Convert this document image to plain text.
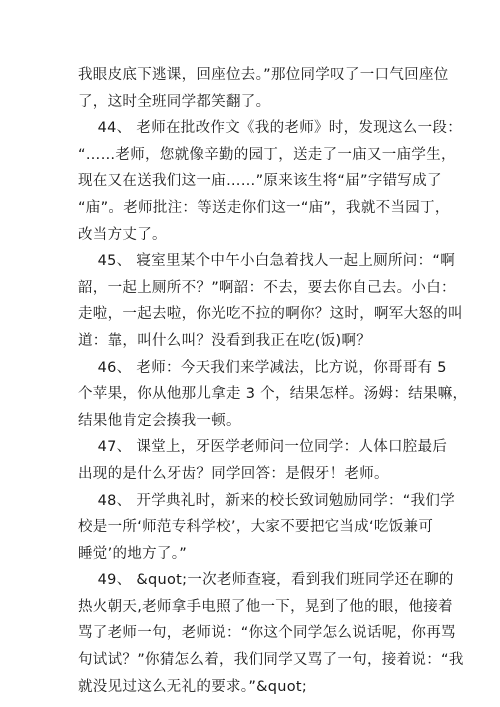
我眼皮底下逃课，回座位去。”那位同学叹了一口气回座位
了，这时全班同学都笑翻了。
44、 老师在批改作文《我的老师》时，发现这么一段：
“……老师，您就像辛勤的园丁，送走了一庙又一庙学生，
现在又在送我们这一庙……”原来该生将“届”字错写成了
“庙”。老师批注：等送走你们这一“庙”，我就不当园丁，
改当方丈了。
45、 寝室里某个中午小白急着找人一起上厕所问：“啊
韶，一起上厕所不？”啊韶：不去，要去你自己去。小白：
走啦，一起去啦，你光吃不拉的啊你？这时，啊军大怒的叫
道：靠，叫什么叫？没看到我正在吃(饭)啊？
46、 老师：今天我们来学减法，比方说，你哥哥有 5
个苹果，你从他那儿拿走 3 个，结果怎样。汤姆：结果嘛，
结果他肯定会揍我一顿。
47、 课堂上，牙医学老师问一位同学：人体口腔最后
出现的是什么牙齿？同学回答：是假牙！老师。
48、 开学典礼时，新来的校长致词勉励同学：“我们学
校是一所‘师范专科学校’，大家不要把它当成‘吃饭兼可
睡觉’的地方了。”
49、 &quot;一次老师查寝，看到我们班同学还在聊的
热火朝天,老师拿手电照了他一下，晃到了他的眼，他接着
骂了老师一句，老师说：“你这个同学怎么说话呢，你再骂
句试试？”你猜怎么着，我们同学又骂了一句，接着说：“我
就没见过这么无礼的要求。”&quot;
